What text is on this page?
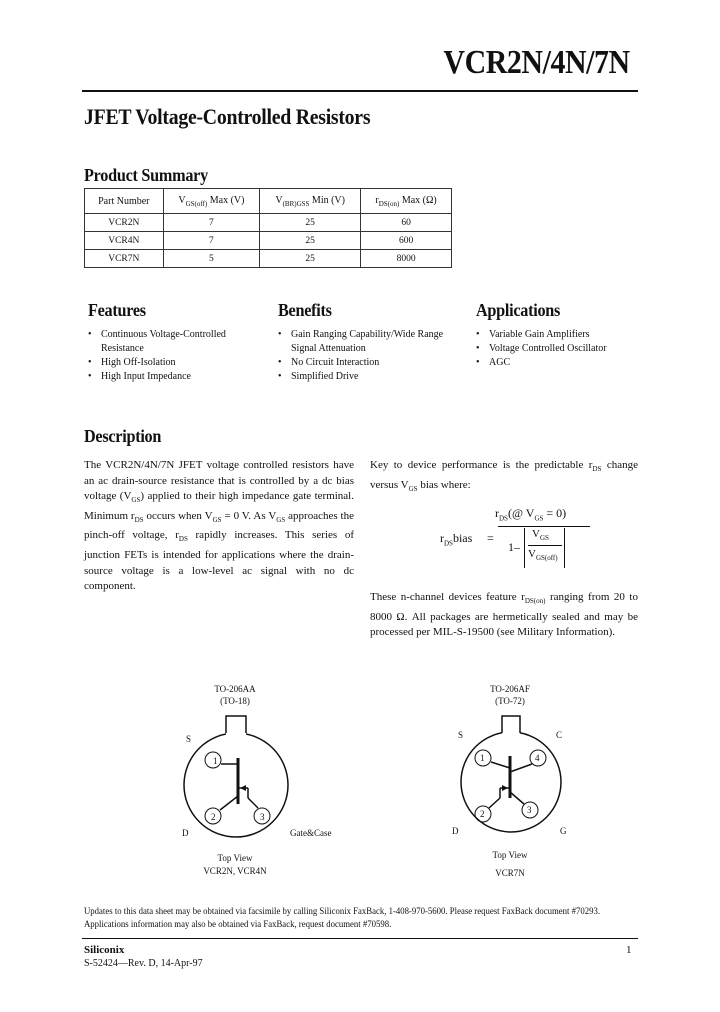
VCR2N/4N/7N
JFET Voltage-Controlled Resistors
Product Summary
Part Number	$V_{GS(off)}$ Max (V)	$V_{(BR)GSS}$ Min (V)	$r_{DS(on)}$ Max (Ω)
VCR2N	7	25	60
VCR4N	7	25	600
VCR7N	5	25	8000
Features
• Continuous Voltage-Controlled Resistance
• High Off-Isolation
• High Input Impedance
Benefits
• Gain Ranging Capability/Wide Range Signal Attenuation
• No Circuit Interaction
• Simplified Drive
Applications
• Variable Gain Amplifiers
• Voltage Controlled Oscillator
• AGC
Description
The VCR2N/4N/7N JFET voltage controlled resistors have an ac drain-source resistance that is controlled by a dc bias voltage $(V_{GS})$ applied to their high impedance gate terminal. Minimum $r_{DS}$ occurs when $V_{GS} = 0$ V. As $V_{GS}$ approaches the pinch-off voltage, $r_{DS}$ rapidly increases. This series of junction FETs is intended for applications where the drain-source voltage is a low-level ac signal with no dc component.
Key to device performance is the predictable $r_{DS}$ change versus $V_{GS}$ bias where:
$r_{DS}(@$ $V_{GS} = 0$)
$r_{DS}bias$ =
1–
$V_{GS}$
$V_{GS(off)}$
These n-channel devices feature $r_{DS(on)}$ ranging from 20 to 8000 Ω. All packages are hermetically sealed and may be processed per MIL-S-19500 (see Military Information).
TO-206AA
(TO-18)
1
2	3
S
D	Gate&Case
Top View
VCR2N, VCR4N
TO-206AF
(TO-72)
1
2	3
4
S	C
D	G
Top View
VCR7N
Updates to this data sheet may be obtained via facsimile by calling Siliconix FaxBack, 1-408-970-5600. Please request FaxBack document #70293.
Applications information may also be obtained via FaxBack, request document #70598.
Siliconix
S-52424—Rev. D, 14-Apr-97
1
